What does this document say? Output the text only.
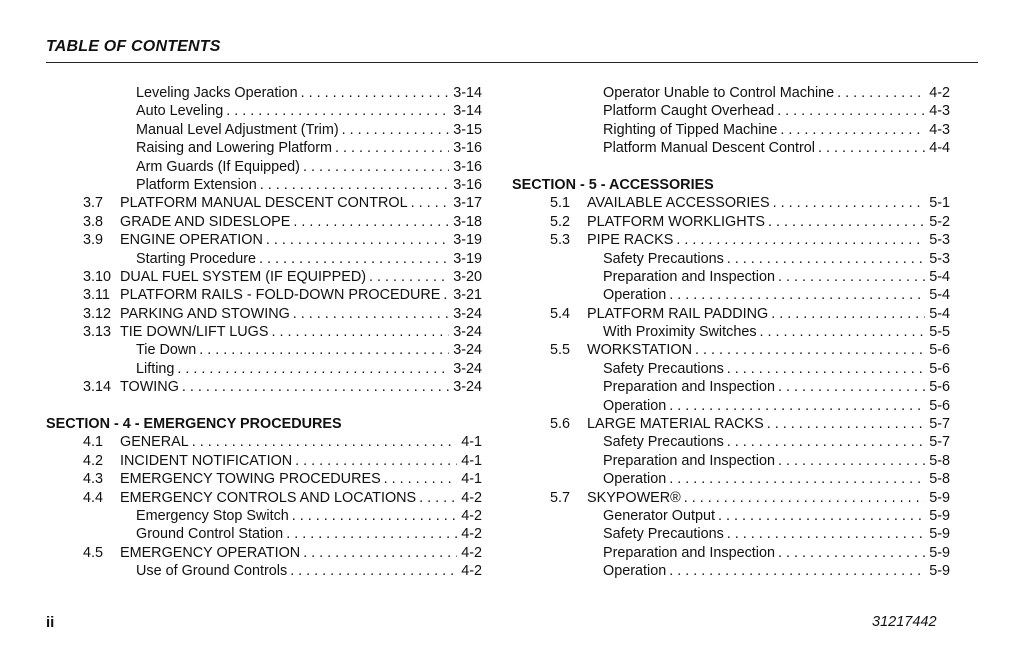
TABLE OF CONTENTS
Leveling Jacks Operation . . .	3-14
Auto Leveling . . .	3-14
Manual Level Adjustment (Trim) . . .	3-15
Raising and Lowering Platform . . .	3-16
Arm Guards (If Equipped) . . .	3-16
Platform Extension . . .	3-16
3.7 PLATFORM MANUAL DESCENT CONTROL . . .	3-17
3.8 GRADE AND SIDESLOPE . . .	3-18
3.9 ENGINE OPERATION . . .	3-19
Starting Procedure . . .	3-19
3.10 DUAL FUEL SYSTEM (IF EQUIPPED) . . .	3-20
3.11 PLATFORM RAILS - FOLD-DOWN PROCEDURE . . . 3-21
3.12 PARKING AND STOWING . . .	3-24
3.13 TIE DOWN/LIFT LUGS . . .	3-24
Tie Down . . .	3-24
Lifting . . .	3-24
3.14 TOWING . . .	3-24
SECTION - 4 - EMERGENCY PROCEDURES
4.1 GENERAL . . .	4-1
4.2 INCIDENT NOTIFICATION . . .	4-1
4.3 EMERGENCY TOWING PROCEDURES . . .	4-1
4.4 EMERGENCY CONTROLS AND LOCATIONS . . .	4-2
Emergency Stop Switch . . .	4-2
Ground Control Station . . .	4-2
4.5 EMERGENCY OPERATION . . .	4-2
Use of Ground Controls . . .	4-2
Operator Unable to Control Machine . . .	4-2
Platform Caught Overhead . . .	4-3
Righting of Tipped Machine . . .	4-3
Platform Manual Descent Control . . .	4-4
SECTION - 5 - ACCESSORIES
5.1 AVAILABLE ACCESSORIES . . .	5-1
5.2 PLATFORM WORKLIGHTS . . .	5-2
5.3 PIPE RACKS . . .	5-3
Safety Precautions . . .	5-3
Preparation and Inspection . . .	5-4
Operation . . .	5-4
5.4 PLATFORM RAIL PADDING . . .	5-4
With Proximity Switches . . .	5-5
5.5 WORKSTATION . . .	5-6
Safety Precautions . . .	5-6
Preparation and Inspection . . .	5-6
Operation . . .	5-6
5.6 LARGE MATERIAL RACKS . . .	5-7
Safety Precautions . . .	5-7
Preparation and Inspection . . .	5-8
Operation . . .	5-8
5.7 SKYPOWER® . . .	5-9
Generator Output . . .	5-9
Safety Precautions . . .	5-9
Preparation and Inspection . . .	5-9
Operation . . .	5-9
ii	31217442
